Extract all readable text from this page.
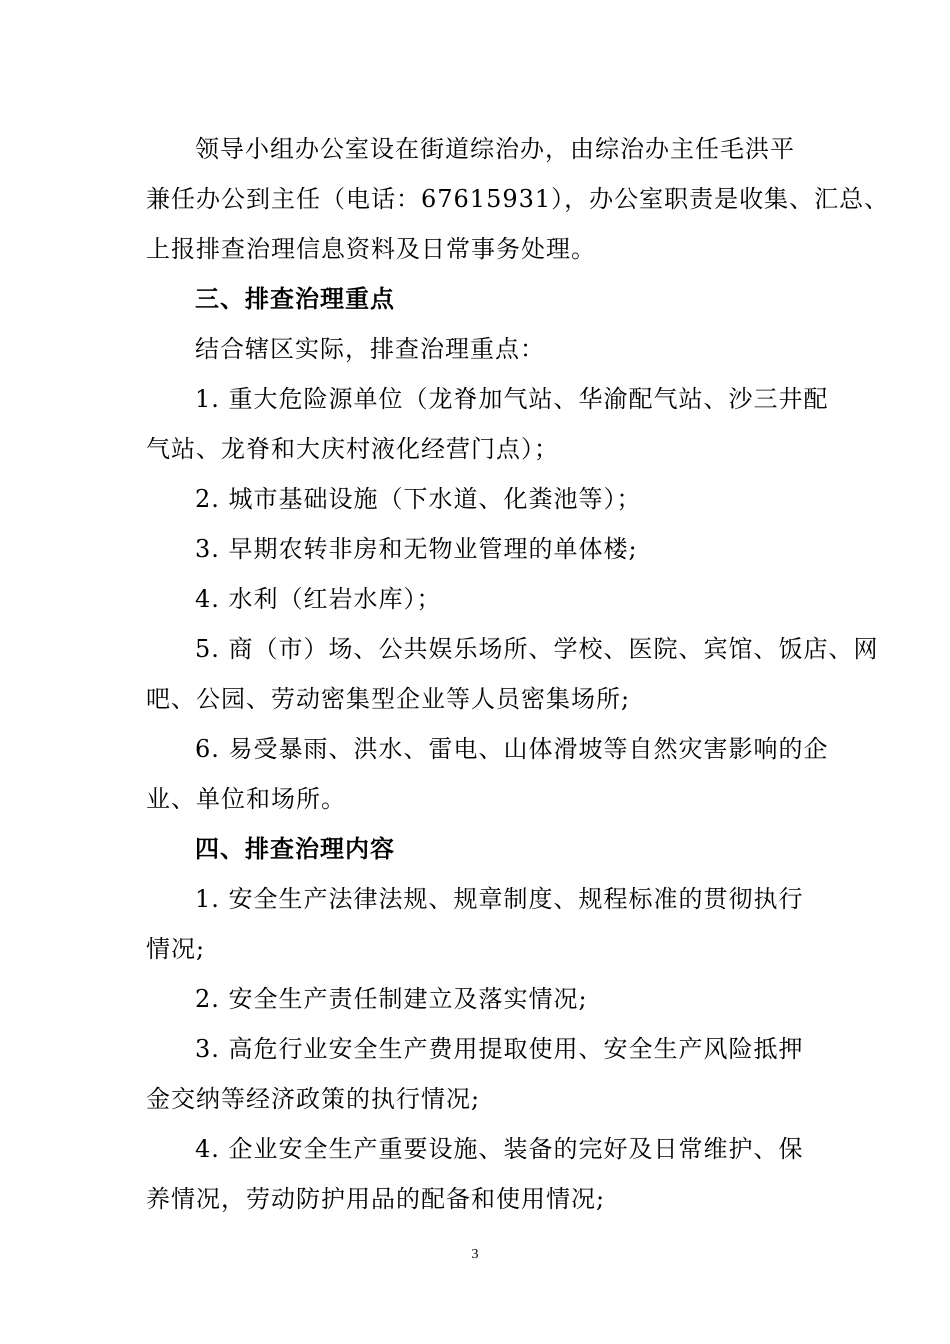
领导小组办公室设在街道综治办，由综治办主任毛洪平
兼任办公到主任（电话：67615931），办公室职责是收集、汇总、
上报排查治理信息资料及日常事务处理。
三、排查治理重点
结合辖区实际，排查治理重点：
1. 重大危险源单位（龙脊加气站、华渝配气站、沙三井配
气站、龙脊和大庆村液化经营门点）；
2. 城市基础设施（下水道、化粪池等）；
3. 早期农转非房和无物业管理的单体楼;
4. 水利（红岩水库）；
5. 商（市）场、公共娱乐场所、学校、医院、宾馆、饭店、网
吧、公园、劳动密集型企业等人员密集场所;
6. 易受暴雨、洪水、雷电、山体滑坡等自然灾害影响的企
业、单位和场所。
四、排查治理内容
1. 安全生产法律法规、规章制度、规程标准的贯彻执行
情况;
2. 安全生产责任制建立及落实情况;
3. 高危行业安全生产费用提取使用、安全生产风险抵押
金交纳等经济政策的执行情况;
4. 企业安全生产重要设施、装备的完好及日常维护、保
养情况，劳动防护用品的配备和使用情况;
3
